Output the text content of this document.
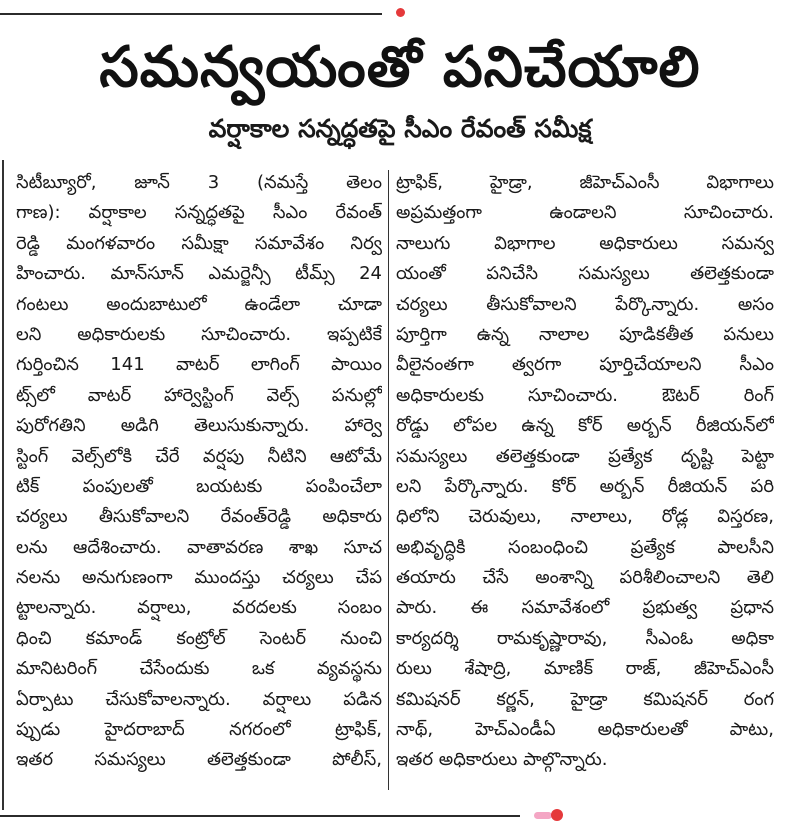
సమన్వయంతో పనిచేయాలి
వర్షాకాల సన్నద్ధతపై సీఎం రేవంత్ సమీక్ష
సిటీబ్యూరో, జూన్ 3 (నమస్తే తెలం
గాణ): వర్షాకాల సన్నద్ధతపై సీఎం రేవంత్
రెడ్డి మంగళవారం సమీక్షా సమావేశం నిర్వ
హించారు. మాన్‌సూన్ ఎమర్జెన్సీ టీమ్స్ 24
గంటలు అందుబాటులో ఉండేలా చూడా
లని అధికారులకు సూచించారు. ఇప్పటికే
గుర్తించిన 141 వాటర్ లాగింగ్ పాయిం
ట్స్‌లో వాటర్ హార్వెస్టింగ్ వెల్స్ పనుల్లో
పురోగతిని అడిగి తెలుసుకున్నారు. హార్వె
స్టింగ్ వెల్స్‌లోకి చేరే వర్షపు నీటిని ఆటోమే
టిక్ పంపులతో బయటకు పంపించేలా
చర్యలు తీసుకోవాలని రేవంత్‌రెడ్డి అధికారు
లను ఆదేశించారు. వాతావరణ శాఖ సూచ
నలను అనుగుణంగా ముందస్తు చర్యలు చేప
ట్టాలన్నారు. వర్షాలు, వరదలకు సంబం
ధించి కమాండ్ కంట్రోల్ సెంటర్ నుంచి
మానిటరింగ్ చేసేందుకు ఒక వ్యవస్థను
ఏర్పాటు చేసుకోవాలన్నారు. వర్షాలు పడిన
ప్పుడు హైదరాబాద్ నగరంలో ట్రాఫిక్,
ఇతర సమస్యలు తలెత్తకుండా పోలీస్,
ట్రాఫిక్, హైడ్రా, జీహెచ్‌ఎంసీ విభాగాలు
అప్రమత్తంగా ఉండాలని సూచించారు.
నాలుగు విభాగాల అధికారులు సమన్వ
యంతో పనిచేసి సమస్యలు తలెత్తకుండా
చర్యలు తీసుకోవాలని పేర్కొన్నారు. అసం
పూర్తిగా ఉన్న నాలాల పూడికతీత పనులు
వీలైనంతగా త్వరగా పూర్తిచేయాలని సీఎం
అధికారులకు సూచించారు. ఔటర్ రింగ్
రోడ్డు లోపల ఉన్న కోర్ అర్బన్ రీజియన్‌లో
సమస్యలు తలెత్తకుండా ప్రత్యేక దృష్టి పెట్టా
లని పేర్కొన్నారు. కోర్ అర్బన్ రీజియన్ పరి
ధిలోని చెరువులు, నాలాలు, రోడ్ల విస్తరణ,
అభివృద్ధికి సంబంధించి ప్రత్యేక పాలసీని
తయారు చేసే అంశాన్ని పరిశీలించాలని తెలి
పారు. ఈ సమావేశంలో ప్రభుత్వ ప్రధాన
కార్యదర్శి రామకృష్ణారావు, సీఎంఓ అధికా
రులు శేషాద్రి, మాణిక్ రాజ్, జీహెచ్‌ఎంసీ
కమిషనర్ కర్ణన్, హైడ్రా కమిషనర్ రంగ
నాథ్, హెచ్‌ఎండీఏ అధికారులతో పాటు,
ఇతర అధికారులు పాల్గొన్నారు.
